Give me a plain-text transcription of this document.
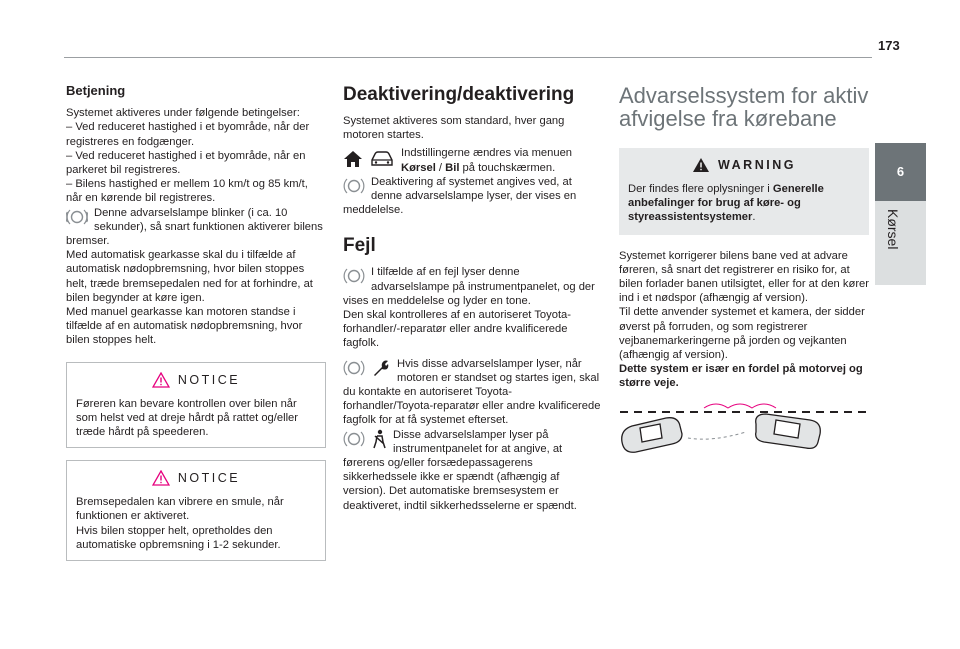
173
6
Kørsel

Betjening

Systemet aktiveres under følgende betingelser:

– Ved reduceret hastighed i et byområde, når der registreres en fodgænger.

– Ved reduceret hastighed i et byområde, når en parkeret bil registreres.

– Bilens hastighed er mellem 10 km/t og 85 km/t, når en kørende bil registreres.

Denne advarselslampe blinker (i ca. 10 sekunder), så snart funktionen aktiverer bilens bremser.

Med automatisk gearkasse skal du i tilfælde af automatisk nødopbremsning, hvor bilen stoppes helt, træde bremsepedalen ned for at forhindre, at bilen begynder at køre igen.

Med manuel gearkasse kan motoren standse i tilfælde af en automatisk nødopbremsning, hvor bilen stoppes helt.

NOTICE

Føreren kan bevare kontrollen over bilen når som helst ved at dreje hårdt på rattet og/eller træde hårdt på speederen.

NOTICE

Bremsepedalen kan vibrere en smule, når funktionen er aktiveret.

Hvis bilen stopper helt, opretholdes den automatiske opbremsning i 1-2 sekunder.

Deaktivering/deaktivering

Systemet aktiveres som standard, hver gang motoren startes.

Indstillingerne ændres via menuen Kørsel / Bil på touchskærmen.

Deaktivering af systemet angives ved, at denne advarselslampe lyser, der vises en meddelelse.

Fejl

I tilfælde af en fejl lyser denne advarselslampe på instrumentpanelet, og der vises en meddelelse og lyder en tone.

Den skal kontrolleres af en autoriseret Toyota-forhandler/-reparatør eller andre kvalificerede fagfolk.

Hvis disse advarselslamper lyser, når motoren er standset og startes igen, skal du kontakte en autoriseret Toyota-forhandler/Toyota-reparatør eller andre kvalificerede fagfolk for at få systemet efterset.

Disse advarselslamper lyser på instrumentpanelet for at angive, at førerens og/eller forsædepassagerens sikkerhedssele ikke er spændt (afhængig af version). Det automatiske bremsesystem er deaktiveret, indtil sikkerhedsselerne er spændt.

Advarselssystem for aktiv afvigelse fra kørebane

WARNING

Der findes flere oplysninger i Generelle anbefalinger for brug af køre- og styreassistentsystemer.

Systemet korrigerer bilens bane ved at advare føreren, så snart det registrerer en risiko for, at bilen forlader banen utilsigtet, eller for at den kører ind i et nødspor (afhængig af version).

Til dette anvender systemet et kamera, der sidder øverst på forruden, og som registrerer vejbanemarkeringerne på jorden og vejkanten (afhængig af version).

Dette system er især en fordel på motorvej og større veje.
